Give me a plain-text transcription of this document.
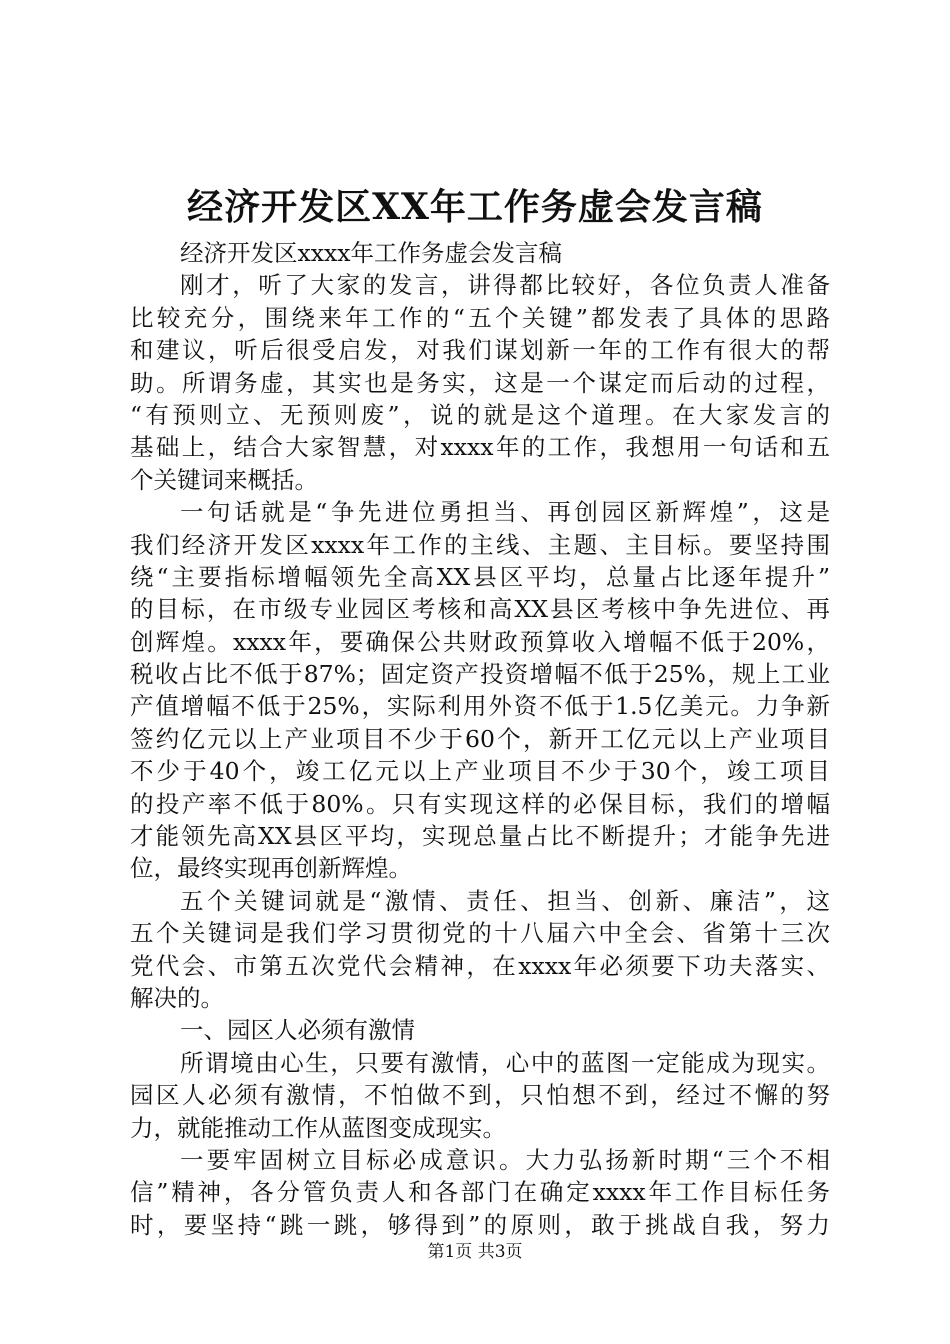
经济开发区XX年工作务虚会发言稿
经济开发区xxxx年工作务虚会发言稿
刚才，听了大家的发言，讲得都比较好，各位负责人准备
比较充分，围绕来年工作的“五个关键”都发表了具体的思路
和建议，听后很受启发，对我们谋划新一年的工作有很大的帮
助。所谓务虚，其实也是务实，这是一个谋定而后动的过程，
“有预则立、无预则废”，说的就是这个道理。在大家发言的
基础上，结合大家智慧，对xxxx年的工作，我想用一句话和五
个关键词来概括。
一句话就是“争先进位勇担当、再创园区新辉煌”，这是
我们经济开发区xxxx年工作的主线、主题、主目标。要坚持围
绕“主要指标增幅领先全高XX县区平均，总量占比逐年提升”
的目标，在市级专业园区考核和高XX县区考核中争先进位、再
创辉煌。xxxx年，要确保公共财政预算收入增幅不低于20%，
税收占比不低于87%；固定资产投资增幅不低于25%，规上工业
产值增幅不低于25%，实际利用外资不低于1.5亿美元。力争新
签约亿元以上产业项目不少于60个，新开工亿元以上产业项目
不少于40个，竣工亿元以上产业项目不少于30个，竣工项目
的投产率不低于80%。只有实现这样的必保目标，我们的增幅
才能领先高XX县区平均，实现总量占比不断提升；才能争先进
位，最终实现再创新辉煌。
五个关键词就是“激情、责任、担当、创新、廉洁”，这
五个关键词是我们学习贯彻党的十八届六中全会、省第十三次
党代会、市第五次党代会精神，在xxxx年必须要下功夫落实、
解决的。
一、园区人必须有激情
所谓境由心生，只要有激情，心中的蓝图一定能成为现实。
园区人必须有激情，不怕做不到，只怕想不到，经过不懈的努
力，就能推动工作从蓝图变成现实。
一要牢固树立目标必成意识。大力弘扬新时期“三个不相
信”精神，各分管负责人和各部门在确定xxxx年工作目标任务
时，要坚持“跳一跳，够得到”的原则，敢于挑战自我，努力
第1页 共3页
